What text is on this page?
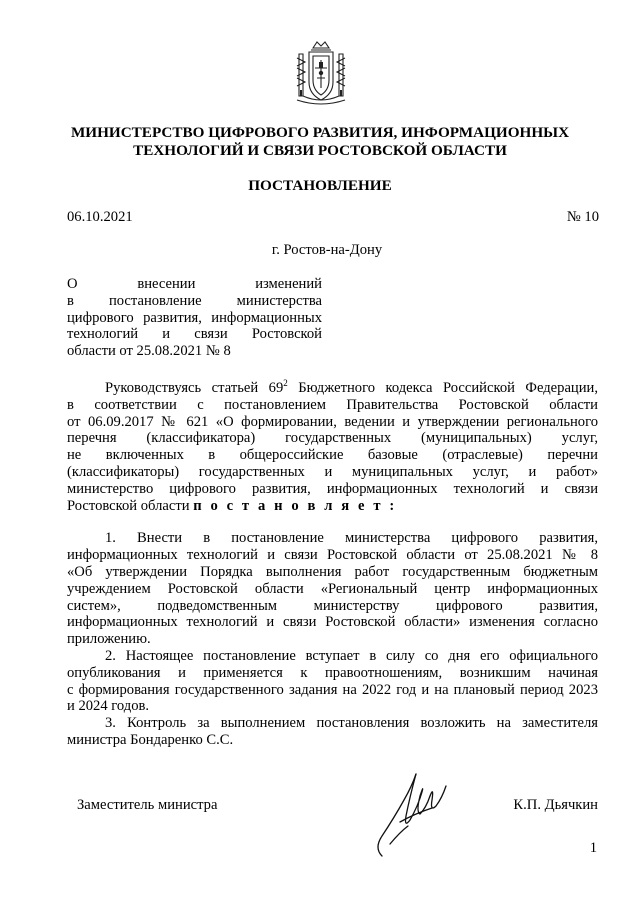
МИНИСТЕРСТВО ЦИФРОВОГО РАЗВИТИЯ, ИНФОРМАЦИОННЫХ
ТЕХНОЛОГИЙ И СВЯЗИ РОСТОВСКОЙ ОБЛАСТИ
ПОСТАНОВЛЕНИЕ
06.10.2021	№ 10
г. Ростов-на-Дону
О внесении изменений
в постановление министерства
цифрового развития, информационных
технологий и связи Ростовской
области от 25.08.2021 № 8
Руководствуясь статьей $69^2$ Бюджетного кодекса Российской Федерации,
в соответствии с постановлением Правительства Ростовской области
от 06.09.2017 № 621 «О формировании, ведении и утверждении регионального
перечня (классификатора) государственных (муниципальных) услуг,
не включенных в общероссийские базовые (отраслевые) перечни
(классификаторы) государственных и муниципальных услуг, и работ»
министерство цифрового развития, информационных технологий и связи
Ростовской области п о с т а н о в л я е т :
1. Внести в постановление министерства цифрового развития,
информационных технологий и связи Ростовской области от 25.08.2021 № 8
«Об утверждении Порядка выполнения работ государственным бюджетным
учреждением Ростовской области «Региональный центр информационных
систем», подведомственным министерству цифрового развития,
информационных технологий и связи Ростовской области» изменения согласно
приложению.
2. Настоящее постановление вступает в силу со дня его официального
опубликования и применяется к правоотношениям, возникшим начиная
с формирования государственного задания на 2022 год и на плановый период 2023
и 2024 годов.
3. Контроль за выполнением постановления возложить на заместителя
министра Бондаренко С.С.
Заместитель министра	К.П. Дьячкин
1
